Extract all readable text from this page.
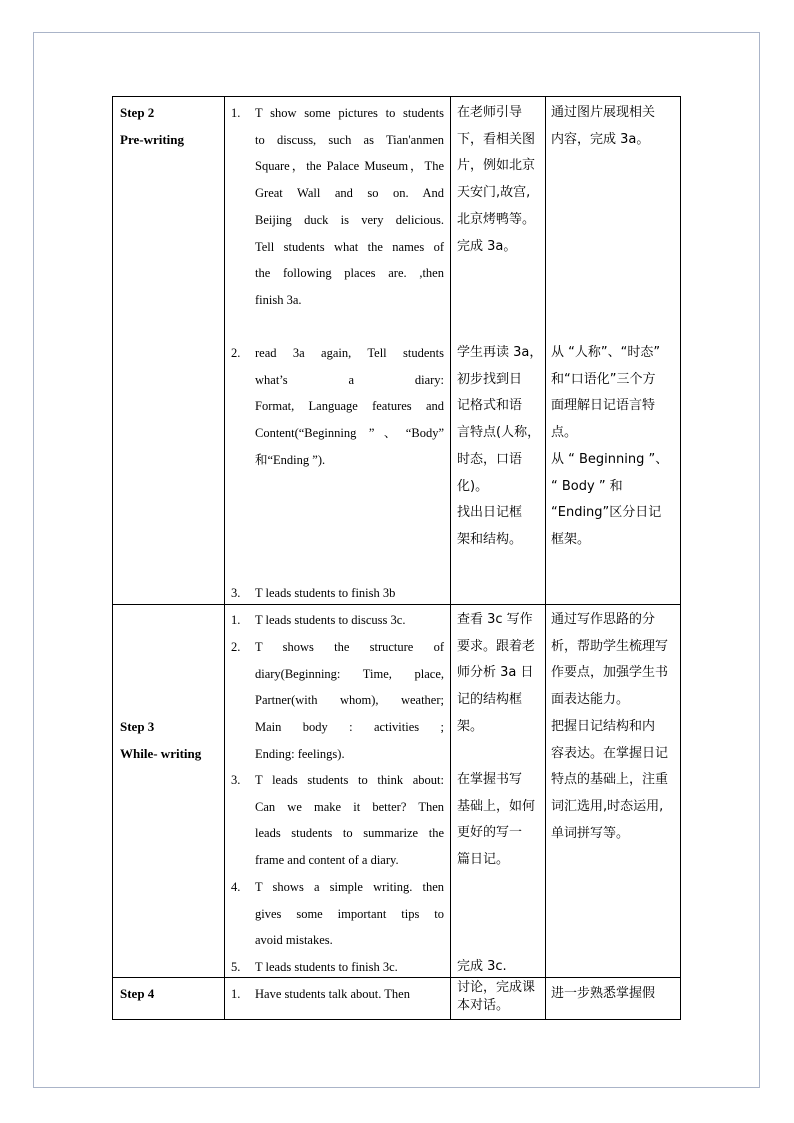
Step 2
Pre-writing
1. T show some pictures to students
to discuss, such as Tian'anmen
Square，the Palace Museum，The
Great Wall and so on. And
Beijing duck is very delicious.
Tell students what the names of
the following places are. ,then
finish 3a.
2. read 3a again, Tell students
what’s a diary:
Format, Language features and
Content(“Beginning ”、“Body”
和“Ending ”).
3. T leads students to finish 3b
在老师引导
下，看相关图
片，例如北京
天安门,故宫,
北京烤鸭等。
完成 3a。
学生再读 3a，
初步找到日
记格式和语
言特点(人称，
时态，口语
化)。
找出日记框
架和结构。
通过图片展现相关
内容，完成 3a。
从 “人称”、“时态”
和“口语化”三个方
面理解日记语言特
点。
从 “ Beginning ”、
“ Body ” 和
“Ending”区分日记
框架。
Step 3
While- writing
1. T leads students to discuss 3c.
2. T shows the structure of
diary(Beginning: Time, place,
Partner(with whom), weather;
Main body : activities ;
Ending: feelings).
3. T leads students to think about:
Can we make it better? Then
leads students to summarize the
frame and content of a diary.
4. T shows a simple writing. then
gives some important tips to
avoid mistakes.
5. T leads students to finish 3c.
查看 3c 写作
要求。跟着老
师分析 3a 日
记的结构框
架。
在掌握书写
基础上，如何
更好的写一
篇日记。
完成 3c.
通过写作思路的分
析，帮助学生梳理写
作要点，加强学生书
面表达能力。
把握日记结构和内
容表达。在掌握日记
特点的基础上，注重
词汇选用,时态运用,
单词拼写等。
Step 4	1. Have students talk about. Then	讨论，完成课
本对话。
进一步熟悉掌握假
